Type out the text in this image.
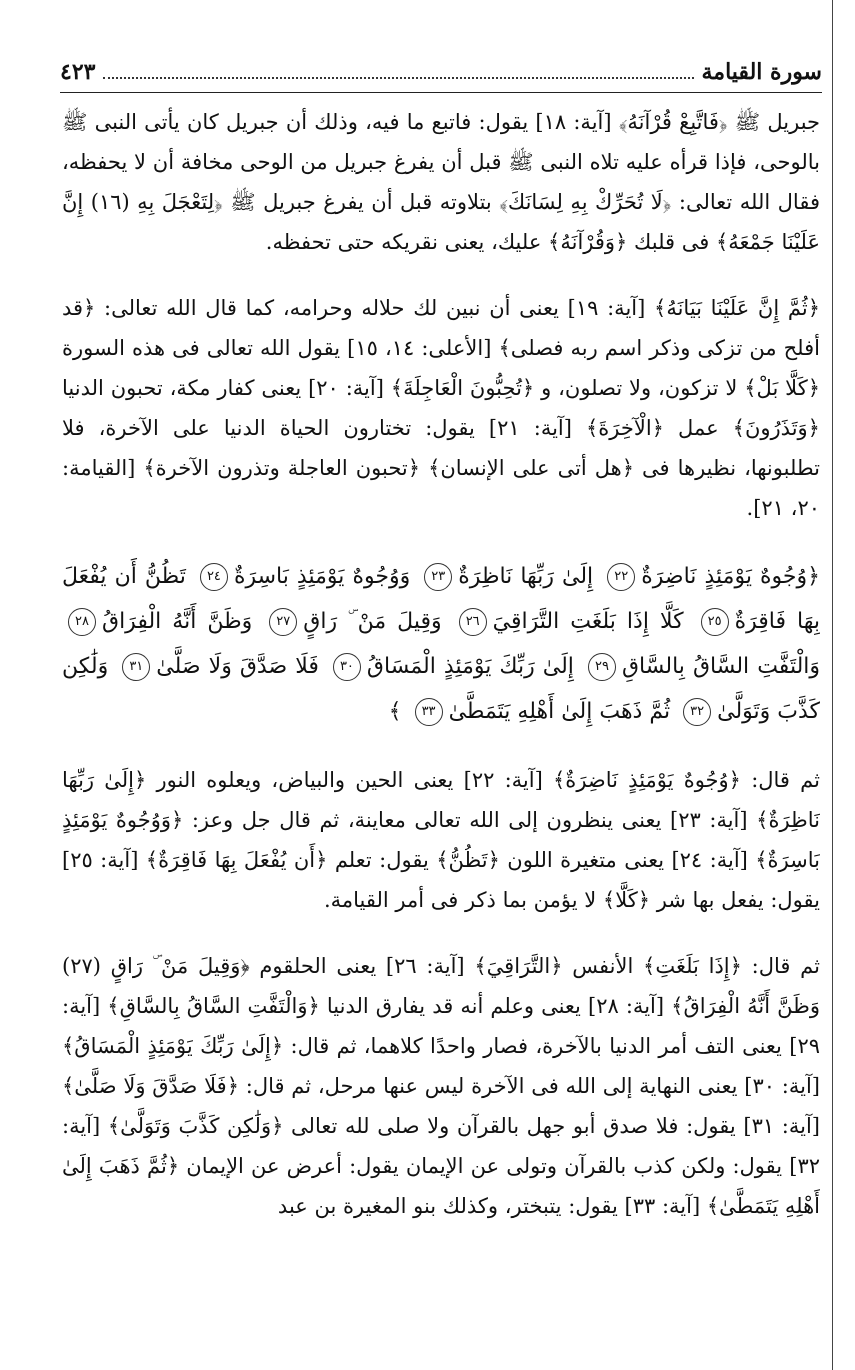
٤٢٣	سورة القيامة

جبريل ﷺ ﴿فَاتَّبِعْ قُرْآنَهُ﴾ [آية: ١٨] يقول: فاتبع ما فيه، وذلك أن جبريل كان يأتى النبى ﷺ بالوحى، فإذا قرأه عليه تلاه النبى ﷺ قبل أن يفرغ جبريل من الوحى مخافة أن لا يحفظه، فقال الله تعالى: ﴿لَا تُحَرِّكْ بِهِ لِسَانَكَ﴾ بتلاوته قبل أن يفرغ جبريل ﷺ ﴿لِتَعْجَلَ بِهِ (١٦) إِنَّ عَلَيْنَا جَمْعَهُ﴾ فى قلبك ﴿وَقُرْآنَهُ﴾ عليك، يعنى نقريكه حتى تحفظه.

﴿ثُمَّ إِنَّ عَلَيْنَا بَيَانَهُ﴾ [آية: ١٩] يعنى أن نبين لك حلاله وحرامه، كما قال الله تعالى: ﴿قد أفلح من تزكى وذكر اسم ربه فصلى﴾ [الأعلى: ١٤، ١٥] يقول الله تعالى فى هذه السورة ﴿كَلَّا بَلْ﴾ لا تزكون، ولا تصلون، و ﴿تُحِبُّونَ الْعَاجِلَةَ﴾ [آية: ٢٠] يعنى كفار مكة، تحبون الدنيا ﴿وَتَذَرُونَ﴾ عمل ﴿الْآخِرَةَ﴾ [آية: ٢١] يقول: تختارون الحياة الدنيا على الآخرة، فلا تطلبونها، نظيرها فى ﴿هل أتى على الإنسان﴾ ﴿تحبون العاجلة وتذرون الآخرة﴾ [القيامة: ٢٠، ٢١].

﴿وُجُوهٌ يَوْمَئِذٍ نَاضِرَةٌ٢٢ إِلَىٰ رَبِّهَا نَاظِرَةٌ٢٣ وَوُجُوهٌ يَوْمَئِذٍ بَاسِرَةٌ٢٤ تَظُنُّ أَن يُفْعَلَ بِهَا فَاقِرَةٌ٢٥ كَلَّا إِذَا بَلَغَتِ التَّرَاقِيَ٢٦ وَقِيلَ مَنْ ۜ رَاقٍ٢٧ وَظَنَّ أَنَّهُ الْفِرَاقُ٢٨ وَالْتَفَّتِ السَّاقُ بِالسَّاقِ٢٩ إِلَىٰ رَبِّكَ يَوْمَئِذٍ الْمَسَاقُ٣٠ فَلَا صَدَّقَ وَلَا صَلَّىٰ٣١ وَلَٰكِن كَذَّبَ وَتَوَلَّىٰ٣٢ ثُمَّ ذَهَبَ إِلَىٰ أَهْلِهِ يَتَمَطَّىٰ٣٣ ﴾

ثم قال: ﴿وُجُوهٌ يَوْمَئِذٍ نَاضِرَةٌ﴾ [آية: ٢٢] يعنى الحين والبياض، ويعلوه النور ﴿إِلَىٰ رَبِّهَا نَاظِرَةٌ﴾ [آية: ٢٣] يعنى ينظرون إلى الله تعالى معاينة، ثم قال جل وعز: ﴿وَوُجُوهٌ يَوْمَئِذٍ بَاسِرَةٌ﴾ [آية: ٢٤] يعنى متغيرة اللون ﴿تَظُنُّ﴾ يقول: تعلم ﴿أَن يُفْعَلَ بِهَا فَاقِرَةٌ﴾ [آية: ٢٥] يقول: يفعل بها شر ﴿كَلَّا﴾ لا يؤمن بما ذكر فى أمر القيامة.

ثم قال: ﴿إِذَا بَلَغَتِ﴾ الأنفس ﴿التَّرَاقِيَ﴾ [آية: ٢٦] يعنى الحلقوم ﴿وَقِيلَ مَنْ ۜ رَاقٍ (٢٧) وَظَنَّ أَنَّهُ الْفِرَاقُ﴾ [آية: ٢٨] يعنى وعلم أنه قد يفارق الدنيا ﴿وَالْتَفَّتِ السَّاقُ بِالسَّاقِ﴾ [آية: ٢٩] يعنى التف أمر الدنيا بالآخرة، فصار واحدًا كلاهما، ثم قال: ﴿إِلَىٰ رَبِّكَ يَوْمَئِذٍ الْمَسَاقُ﴾ [آية: ٣٠] يعنى النهاية إلى الله فى الآخرة ليس عنها مرحل، ثم قال: ﴿فَلَا صَدَّقَ وَلَا صَلَّىٰ﴾ [آية: ٣١] يقول: فلا صدق أبو جهل بالقرآن ولا صلى لله تعالى ﴿وَلَٰكِن كَذَّبَ وَتَوَلَّىٰ﴾ [آية: ٣٢] يقول: ولكن كذب بالقرآن وتولى عن الإيمان يقول: أعرض عن الإيمان ﴿ثُمَّ ذَهَبَ إِلَىٰ أَهْلِهِ يَتَمَطَّىٰ﴾ [آية: ٣٣] يقول: يتبختر، وكذلك بنو المغيرة بن عبد
